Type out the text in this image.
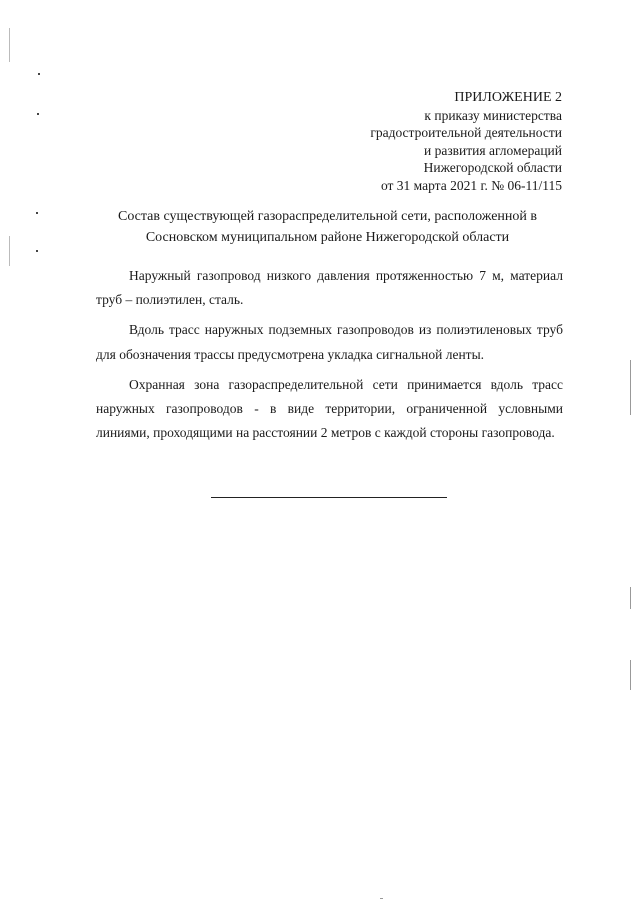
ПРИЛОЖЕНИЕ 2
к приказу министерства
градостроительной деятельности
и развития агломераций
Нижегородской области
от 31 марта 2021 г. № 06-11/115
Состав существующей газораспределительной сети, расположенной в
Сосновском муниципальном районе Нижегородской области

Наружный газопровод низкого давления протяженностью 7 м, материал труб – полиэтилен, сталь.

Вдоль трасс наружных подземных газопроводов из полиэтиленовых труб для обозначения трассы предусмотрена укладка сигнальной ленты.

Охранная зона газораспределительной сети принимается вдоль трасс наружных газопроводов - в виде территории, ограниченной условными линиями, проходящими на расстоянии 2 метров с каждой стороны газопровода.
